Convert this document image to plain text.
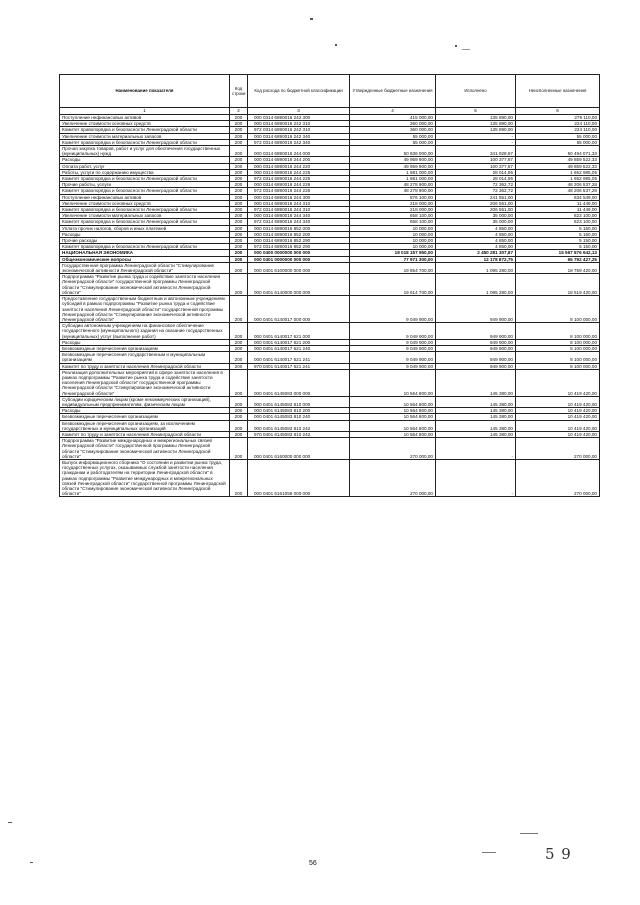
Наименование показателя	Код строки	Код расхода по бюджетной классификации	Утвержденные бюджетные назначения	Исполнено	Неисполненные назначения
1	2	3	4	5	6
Поступление нефинансовых активов	200	000 0314 6890016 242 300	415 000,00	135 890,00	279 110,00
Увеличение стоимости основных средств	200	000 0314 6890016 242 310	360 000,00	135 890,00	224 110,00
Комитет правопорядка и безопасности Ленинградской области	200	972 0314 6890016 242 310	360 000,00	135 890,00	224 110,00
Увеличение стоимости материальных запасов	200	000 0314 6890016 242 340	55 000,00	-	55 000,00
Комитет правопорядка и безопасности Ленинградской области	200	972 0314 6890016 242 340	55 000,00	-	55 000,00
Прочая закупка товаров, работ и услуг для обеспечения государственных (муниципальных) нужд	200	000 0314 6890016 244 000	50 836 000,00	341 928,67	50 494 071,33
Расходы	200	000 0314 6890016 244 200	49 959 900,00	100 377,67	49 859 522,33
Оплата работ, услуг	200	000 0314 6890016 244 220	49 959 900,00	100 377,67	49 859 522,33
Работы, услуги по содержанию имущества	200	000 0314 6890016 244 225	1 681 000,00	28 014,95	1 652 985,05
Комитет правопорядка и безопасности Ленинградской области	200	972 0314 6890016 244 225	1 681 000,00	28 014,95	1 652 985,05
Прочие работы, услуги	200	000 0314 6890016 244 226	48 278 900,00	72 362,72	48 206 537,28
Комитет правопорядка и безопасности Ленинградской области	200	972 0314 6890016 244 226	48 278 900,00	72 362,72	48 206 537,28
Поступление нефинансовых активов	200	000 0314 6890016 244 300	876 100,00	241 551,00	634 549,00
Увеличение стоимости основных средств	200	000 0314 6890016 244 310	218 000,00	206 551,00	11 449,00
Комитет правопорядка и безопасности Ленинградской области	200	972 0314 6890016 244 310	218 000,00	206 551,00	11 449,00
Увеличение стоимости материальных запасов	200	000 0314 6890016 244 340	658 100,00	35 000,00	623 100,00
Комитет правопорядка и безопасности Ленинградской области	200	972 0314 6890016 244 340	658 100,00	35 000,00	623 100,00
Уплата прочих налогов, сборов и иных платежей	200	000 0314 6890016 852 000	10 000,00	4 850,00	5 150,00
Расходы	200	000 0314 6890016 852 200	10 000,00	4 850,00	5 150,00
Прочие расходы	200	000 0314 6890016 852 290	10 000,00	4 850,00	5 150,00
Комитет правопорядка и безопасности Ленинградской области	200	972 0314 6890016 852 290	10 000,00	4 850,00	5 150,00
НАЦИОНАЛЬНАЯ ЭКОНОМИКА	200	000 0400 0000000 000 000	18 018 157 950,00	2 450 281 307,87	15 567 876 642,13
Общеэкономические вопросы	200	000 0401 0000000 000 000	77 971 300,00	12 178 872,75	65 792 427,25
Государственная программа Ленинградской области "Стимулирование экономической активности Ленинградской области"	200	000 0401 6100000 000 000	19 854 700,00	1 095 280,00	18 759 420,00
Подпрограмма "Развитие рынка труда и содействие занятости населения Ленинградской области" государственной программы Ленинградской области "Стимулирование экономической активности Ленинградской области"	200	000 0401 6140000 000 000	19 614 700,00	1 095 280,00	18 519 420,00
Предоставление государственным бюджетным и автономным учреждениям субсидий в рамках подпрограммы "Развитие рынка труда и содействие занятости населения Ленинградской области" государственной программы Ленинградской области "Стимулирование экономической активности Ленинградской области"	200	000 0401 6140017 000 000	9 049 900,00	949 900,00	8 100 000,00
Субсидии автономным учреждениям на финансовое обеспечение государственного (муниципального) задания на оказание государственных (муниципальных) услуг (выполнение работ)	200	000 0401 6140017 621 000	9 049 900,00	949 900,00	8 100 000,00
Расходы	200	000 0401 6140017 621 200	9 049 900,00	949 900,00	8 100 000,00
Безвозмездные перечисления организациям	200	000 0401 6140017 621 240	9 049 900,00	949 900,00	8 100 000,00
Безвозмездные перечисления государственным и муниципальным организациям	200	000 0401 6140017 621 241	9 049 900,00	949 900,00	8 100 000,00
Комитет по труду и занятости населения Ленинградской области	200	970 0401 6140017 621 241	9 049 900,00	949 900,00	8 100 000,00
Реализация дополнительных мероприятий в сфере занятости населения в рамках подпрограммы "Развитие рынка труда и содействие занятости населения Ленинградской области" государственной программы Ленинградской области "Стимулирование экономической активности Ленинградской области"	200	000 0401 6145083 000 000	10 564 800,00	145 380,00	10 419 420,00
Субсидии юридическим лицам (кроме некоммерческих организаций), индивидуальным предпринимателям, физическим лицам	200	000 0401 6145083 810 000	10 564 800,00	145 380,00	10 419 420,00
Расходы	200	000 0401 6145083 810 200	10 564 800,00	145 380,00	10 419 420,00
Безвозмездные перечисления организациям	200	000 0401 6145083 810 240	10 564 800,00	145 380,00	10 419 420,00
Безвозмездные перечисления организациям, за исключением государственных и муниципальных организаций	200	000 0401 6145083 810 242	10 564 800,00	145 380,00	10 419 420,00
Комитет по труду и занятости населения Ленинградской области	200	970 0401 6145083 810 242	10 564 800,00	145 380,00	10 419 420,00
Подпрограмма "Развитие международных и межрегиональных связей Ленинградской области" государственной программы Ленинградской области "Стимулирование экономической активности Ленинградской области"	200	000 0401 6160000 000 000	270 000,00	-	270 000,00
Выпуск информационного сборника "О состоянии и развитии рынка труда, государственных услугах, оказываемых службой занятости населения гражданам и работодателям на территории Ленинградской области" в рамках подпрограммы "Развитие международных и межрегиональных связей Ленинградской области" государственной программы Ленинградской области "Стимулирование экономической активности Ленинградской области"	200	000 0401 6161059 000 000	270 000,00	-	270 000,00
56
5 9
